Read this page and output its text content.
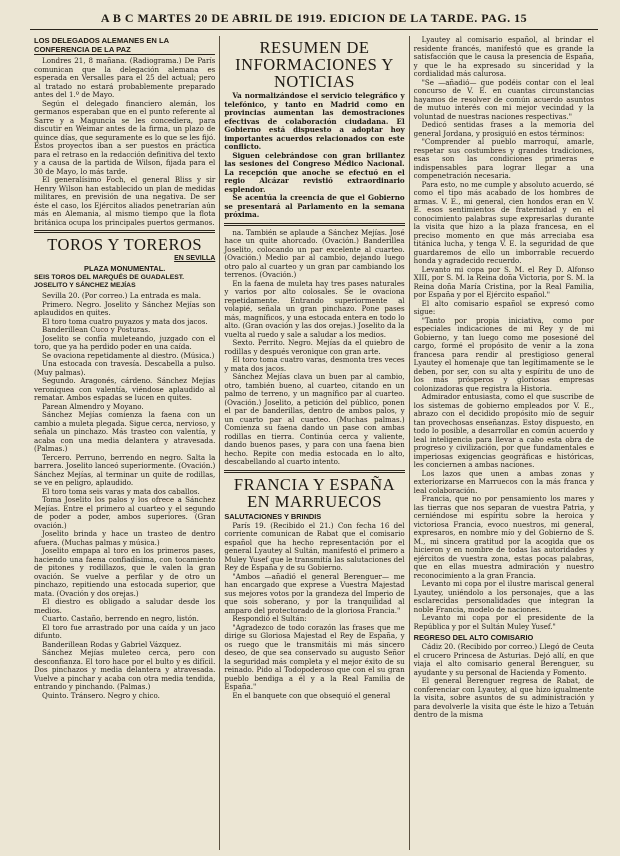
A B C MARTES 20 DE ABRIL DE 1919. EDICION DE LA TARDE. PAG. 15
LOS DELEGADOS ALEMANES EN LA CONFERENCIA DE LA PAZ

Londres 21, 8 mañana. (Radiograma.) De París comunican que la delegación alemana es esperada en Versalles para el 25 del actual; pero al tratado no estará probablemente preparado antes del 1.º de Mayo.

Según el delegado financiero alemán, los germanos esperaban que en el punto referente al Sarre y a Maguncia se les concediera, para discutir en Weimar antes de la firma, un plazo de quince días, que seguramente es lo que se les fijó. Estos proyectos iban a ser puestos en práctica para el retraso en la redacción definitiva del texto y a causa de la partida de Wilson, fijada para el 30 de Mayo, lo más tarde.

El generalísimo Foch, el general Bliss y sir Henry Wilson han establecido un plan de medidas militares, en previsión de una negativa. De ser éste el caso, los Ejércitos aliados penetrarían aún más en Alemania, al mismo tiempo que la flota británica ocupa los principales puertos germanos.

TOROS Y TOREROS
EN SEVILLA
PLAZA MONUMENTAL.
SEIS TOROS DEL MARQUÉS DE GUADALEST. JOSELITO Y SÁNCHEZ MEJÍAS

Sevilla 20. (Por correo.) La entrada es mala.

Primero. Negro. Joselito y Sánchez Mejías son aplaudidos en quites.

El toro toma cuatro puyazos y mata dos jacos.

Banderillean Cuco y Posturas.

Joselito se confía muleteando, juzgado con el toro, que ya ha perdido poder en una caída.

Se ovaciona repetidamente al diestro. (Música.)

Una estocada con travesía. Descabella a pulso. (Muy palmas).

Segundo. Aragonés, cárdeno. Sánchez Mejías veroniquea con valentía, viéndose aplaudido al rematar. Ambos espadas se lucen en quites.

Parean Almendro y Moyano.

Sánchez Mejías comienza la faena con un cambio a muleta plegada. Sigue cerca, nervioso, y señala un pinchazo. Más trasteo con valentía, y acaba con una media delantera y atravesada. (Palmas.)

Tercero. Perruno, berrendo en negro. Salta la barrera. Joselito lanceó superiormente. (Ovación.) Sánchez Mejías, al terminar un quite de rodillas, se ve en peligro, aplaudido.

El toro toma seis varas y mata dos caballos.

Toma Joselito los palos y los ofrece a Sánchez Mejías. Entre el primero al cuarteo y el segundo de poder a poder, ambos superiores. (Gran ovación.)

Joselito brinda y hace un trasteo de dentro afuera. (Muchas palmas y música.)

Joselito empapa al toro en los primeros pases, haciendo una faena confiadísima, con tocamiento de pitones y rodillazos, que le valen la gran ovación. Se vuelve a perfilar y de otro un pinchazo, repitiendo una estocada superior, que mata. (Ovación y dos orejas.)

El diestro es obligado a saludar desde los medios.

Cuarto. Castaño, berrendo en negro, listón.

El toro fue arrastrado por una caída y un jaco difunto.

Banderillean Rodas y Gabriel Vázquez.

Sánchez Mejías muleteo cerca, pero con desconfianza. El toro hace por el bulto y es difícil. Dos pinchazos y media delantera y atravesada. Vuelve a pinchar y acaba con otra media tendida, entrando y pinchando. (Palmas.)

Quinto. Tránsero. Negro y chico.

RESUMEN DE INFORMACIONES Y NOTICIAS

Va normalizándose el servicio telegráfico y telefónico, y tanto en Madrid como en provincias aumentan las demostraciones efectivas de colaboración ciudadana. El Gobierno está dispuesto a adoptar hoy importantes acuerdos relacionados con este conflicto.

Siguen celebrándose con gran brillantez las sesiones del Congreso Médico Nacional. La recepción que anoche se efectuó en el regio Alcázar revistió extraordinario esplendor.

Se acentúa la creencia de que el Gobierno se presentará al Parlamento en la semana próxima.

na. También se aplaude a Sánchez Mejías. José hace un quite ahorcado. (Ovación.) Banderillea Joselito, colocando un par excelente al cuarteo. (Ovación.) Medio par al cambio, dejando luego otro palo al cuarteo y un gran par cambiando los terrenos. (Ovación.)

En la faena de muleta hay tres pases naturales y varios por alto colosales. Se le ovaciona repetidamente. Entrando superiormente al volapié, señala un gran pinchazo. Pone pases más, magníficos, y una estocada entera en todo lo alto. (Gran ovación y las dos orejas.) Joselito da la vuelta al ruedo y sale a saludar a los medios.

Sexto. Perrito. Negro. Mejías da el quiebro de rodillas y después veronique con gran arte.

El toro toma cuatro varas, desmonta tres veces y mata dos jacos.

Sánchez Mejías clava un buen par al cambio, otro, también bueno, al cuarteo, citando en un palmo de terreno, y un magnífico par al cuarteo. (Ovación.) Joselito, a petición del público, ponen el par de banderillas, dentro de ambos palos, y un cuarto par al cuarteo. (Muchas palmas.) Comienza su faena dando un pase con ambas rodillas en tierra. Continúa cerca y valiente, dando buenos pases, y para con una faena bien hecho. Repite con media estocada en lo alto, descabellando al cuarto intento.

FRANCIA Y ESPAÑA EN MARRUECOS
SALUTACIONES Y BRINDIS

París 19. (Recibido el 21.) Con fecha 16 del corriente comunican de Rabat que el comisario español que ha hecho representación por el general Lyautey al Sultán, manifestó el primero a Muley Yusef que le transmitía las salutaciones del Rey de España y de su Gobierno.

"Ambos —añadió el general Berenguer— me han encargado que exprese a Vuestra Majestad sus mejores votos por la grandeza del Imperio de que sois soberano, y por la tranquilidad al amparo del protectorado de la gloriosa Francia."

Respondió el Sultán:

"Agradezco de todo corazón las frases que me dirige su Gloriosa Majestad el Rey de España, y os ruego que le transmitáis mi más sincero deseo, de que sea conservado su augusto Señor la seguridad más completa y el mejor éxito de su reinado. Pido al Todopoderoso que con el su gran pueblo bendiga a él y a la Real Familia de España."

En el banquete con que obsequió el general

Lyautey al comisario español, al brindar el residente francés, manifestó que es grande la satisfacción que le causa la presencia de España, y que le ha expresado su sinceridad y la cordialidad más calurosa.

"Se —añadió— que podéis contar con el leal concurso de V. E. en cuantas circunstancias hayamos de resolver de común acuerdo asuntos de mutuo interés con mi mejor vecindad y la voluntad de nuestras naciones respectivas."

Dedicó sentidas frases a la memoria del general Jordana, y prosiguió en estos términos:

"Comprender al pueblo marroquí, amarle, respetar sus costumbres y grandes tradiciones, esas son las condiciones primeras e indispensables para lograr llegar a una compenetración necesaria.

Para esto, no me cumple y absoluto acuerdo, sé como el tipo más acabado de los hombres de armas. V. E., mi general, cien hondos eran en V. E. esos sentimientos de fraternidad y en el conocimiento palabras supe expresarlas durante la visita que hizo a la plaza francesa, en el preciso momento en que más arreciaba esa titánica lucha, y tenga V. E. la seguridad de que guardaremos de ello un imborrable recuerdo honda y agradecido recuerdo.

Levanto mi copa por S. M. el Rey D. Alfonso XIII, por S. M. la Reina doña Victoria, por S. M. la Reina doña María Cristina, por la Real Familia, por España y por el Ejército español."

El alto comisario español se expresó como sigue:

"Tanto por propia iniciativa, como por especiales indicaciones de mi Rey y de mi Gobierno, y tan luego como me posesioné del cargo, formé el propósito de venir a la zona francesa para rendir al prestigioso general Lyautey el homenaje que tan legítimamente se le deben, por ser, con su alta y espíritu de uno de los más prósperos y gloriosas empresas colonizadoras que registra la Historia.

Admirador entusiasta, como el que suscribe de los sistemas de gobierno empleados por V. E., abrazo con el decidido propósito mío de seguir tan provechosas enseñanzas. Estoy dispuesto, en todo lo posible, a desarrollar en común acuerdo y leal inteligencia para llevar a cabo esta obra de progreso y civilización, por que fundamentales e imperiosas exigencias geográficas e históricas, les conciernen a ambas naciones.

Los lazos que unen a ambas zonas y exteriorizarse en Marruecos con la más franca y leal colaboración.

Francia, que no por pensamiento los mares y las tierras que nos separan de vuestra Patria, y cerniéndose mi espíritu sobre la heroica y victoriosa Francia, evoco nuestros, mi general, expresaros, en nombre mío y del Gobierno de S. M., mi sincera gratitud por la acogida que os hicieron y en nombre de todas las autoridades y ejércitos de vuestra zona, estas pocas palabras, que en ellas muestra admiración y nuestro reconocimiento a la gran Francia.

Levanto mi copa por el ilustre mariscal general Lyautey, uniéndolo a los personajes, que a las esclarecidas personalidades que integran la noble Francia, modelo de naciones.

Levanto mi copa por el presidente de la República y por el Sultán Muley Yusef."

REGRESO DEL ALTO COMISARIO

Cádiz 20. (Recibido por correo.) Llegó de Ceuta el crucero Princesa de Asturias. Dejó allí, en que viaja el alto comisario general Berenguer, su ayudante y su personal de Hacienda y Fomento.

El general Berenguer regresa de Rabat, de conferenciar con Lyautey, al que hizo igualmente la visita, sobre asuntos de su administración y para devolverle la visita que éste le hizo a Tetuán dentro de la misma
